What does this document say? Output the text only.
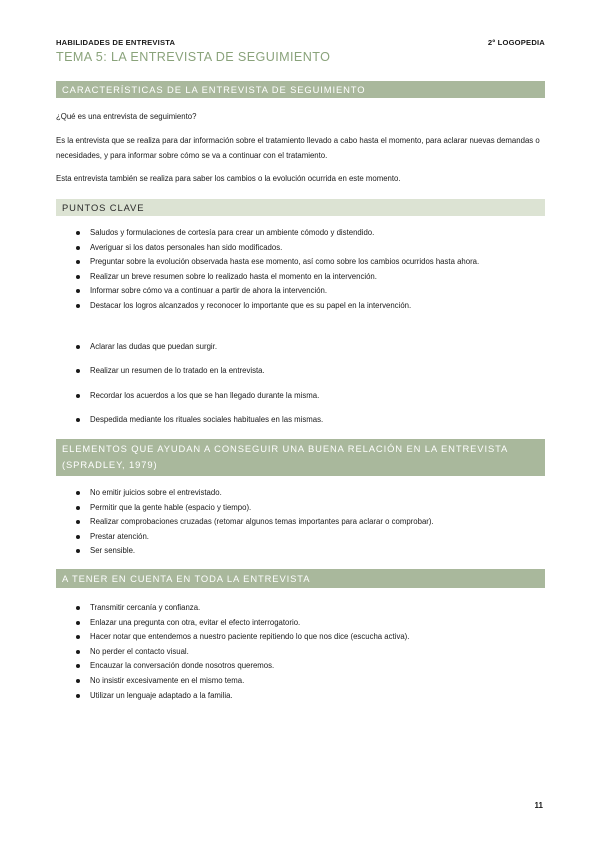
HABILIDADES DE ENTREVISTA	2º LOGOPEDIA
TEMA 5: LA ENTREVISTA DE SEGUIMIENTO
CARACTERÍSTICAS DE LA ENTREVISTA DE SEGUIMIENTO
¿Qué es una entrevista de seguimiento?
Es la entrevista que se realiza para dar información sobre el tratamiento llevado a cabo hasta el momento, para aclarar nuevas demandas o necesidades, y para informar sobre cómo se va a continuar con el tratamiento.
Esta entrevista también se realiza para saber los cambios o la evolución ocurrida en este momento.
PUNTOS CLAVE
Saludos y formulaciones de cortesía para crear un ambiente cómodo y distendido.
Averiguar si los datos personales han sido modificados.
Preguntar sobre la evolución observada hasta ese momento, así como sobre los cambios ocurridos hasta ahora.
Realizar un breve resumen sobre lo realizado hasta el momento en la intervención.
Informar sobre cómo va a continuar a partir de ahora la intervención.
Destacar los logros alcanzados y reconocer lo importante que es su papel en la intervención.
Aclarar las dudas que puedan surgir.
Realizar un resumen de lo tratado en la entrevista.
Recordar los acuerdos a los que se han llegado durante la misma.
Despedida mediante los rituales sociales habituales en las mismas.
ELEMENTOS QUE AYUDAN A CONSEGUIR UNA BUENA RELACIÓN EN LA ENTREVISTA
(SPRADLEY, 1979)
No emitir juicios sobre el entrevistado.
Permitir que la gente hable (espacio y tiempo).
Realizar comprobaciones cruzadas (retomar algunos temas importantes para aclarar o comprobar).
Prestar atención.
Ser sensible.
A TENER EN CUENTA EN TODA LA ENTREVISTA
Transmitir cercanía y confianza.
Enlazar una pregunta con otra, evitar el efecto interrogatorio.
Hacer notar que entendemos a nuestro paciente repitiendo lo que nos dice (escucha activa).
No perder el contacto visual.
Encauzar la conversación donde nosotros queremos.
No insistir excesivamente en el mismo tema.
Utilizar un lenguaje adaptado a la familia.
11
